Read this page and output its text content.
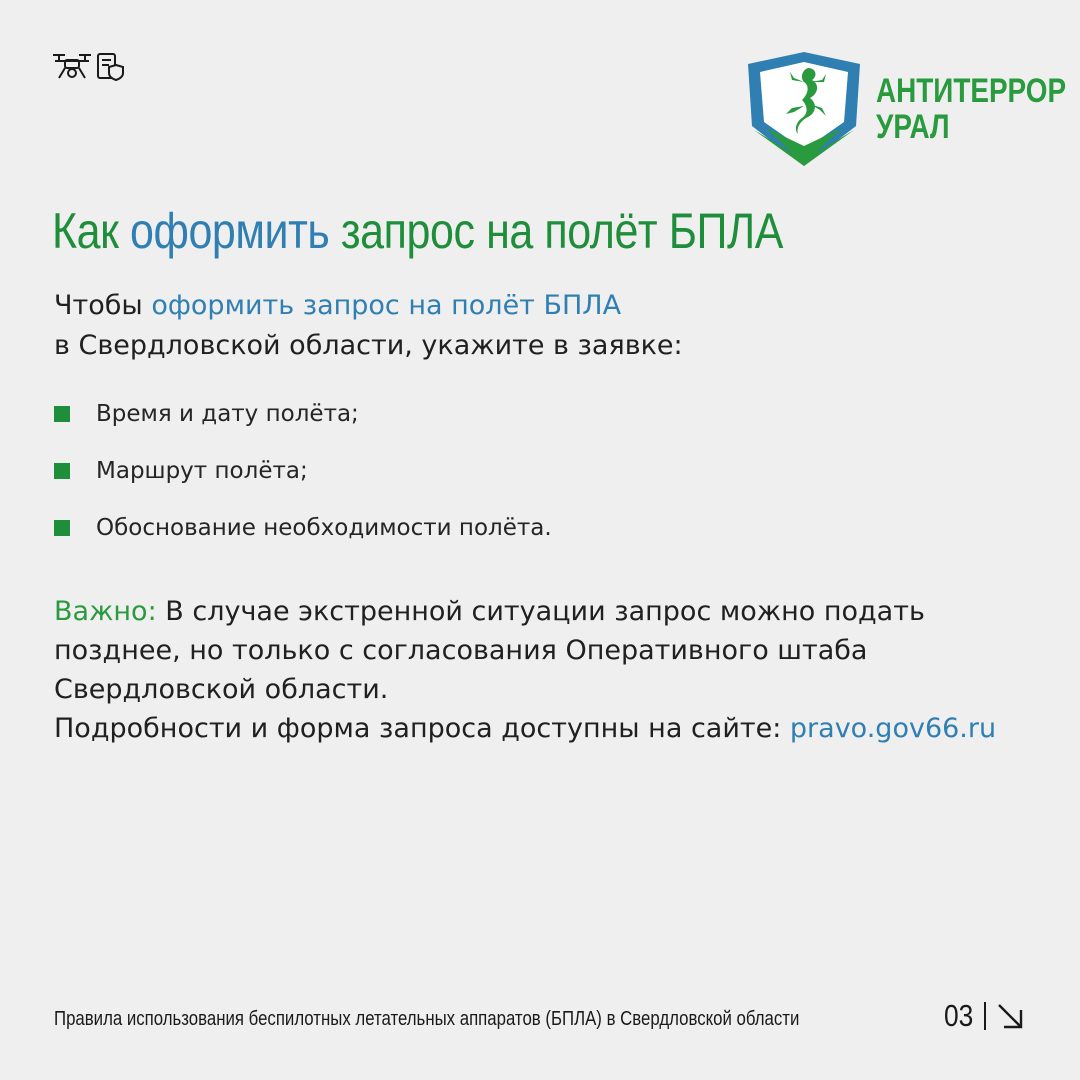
АНТИТЕРРОР
УРАЛ
Как оформить запрос на полёт БПЛА
Чтобы оформить запрос на полёт БПЛА
в Свердловской области, укажите в заявке:
Время и дату полёта;
Маршрут полёта;
Обоснование необходимости полёта.
Важно: В случае экстренной ситуации запрос можно подать позднее, но только с согласования Оперативного штаба Свердловской области.
Подробности и форма запроса доступны на сайте: pravo.gov66.ru
Правила использования беспилотных летательных аппаратов (БПЛА) в Свердловской области	03
